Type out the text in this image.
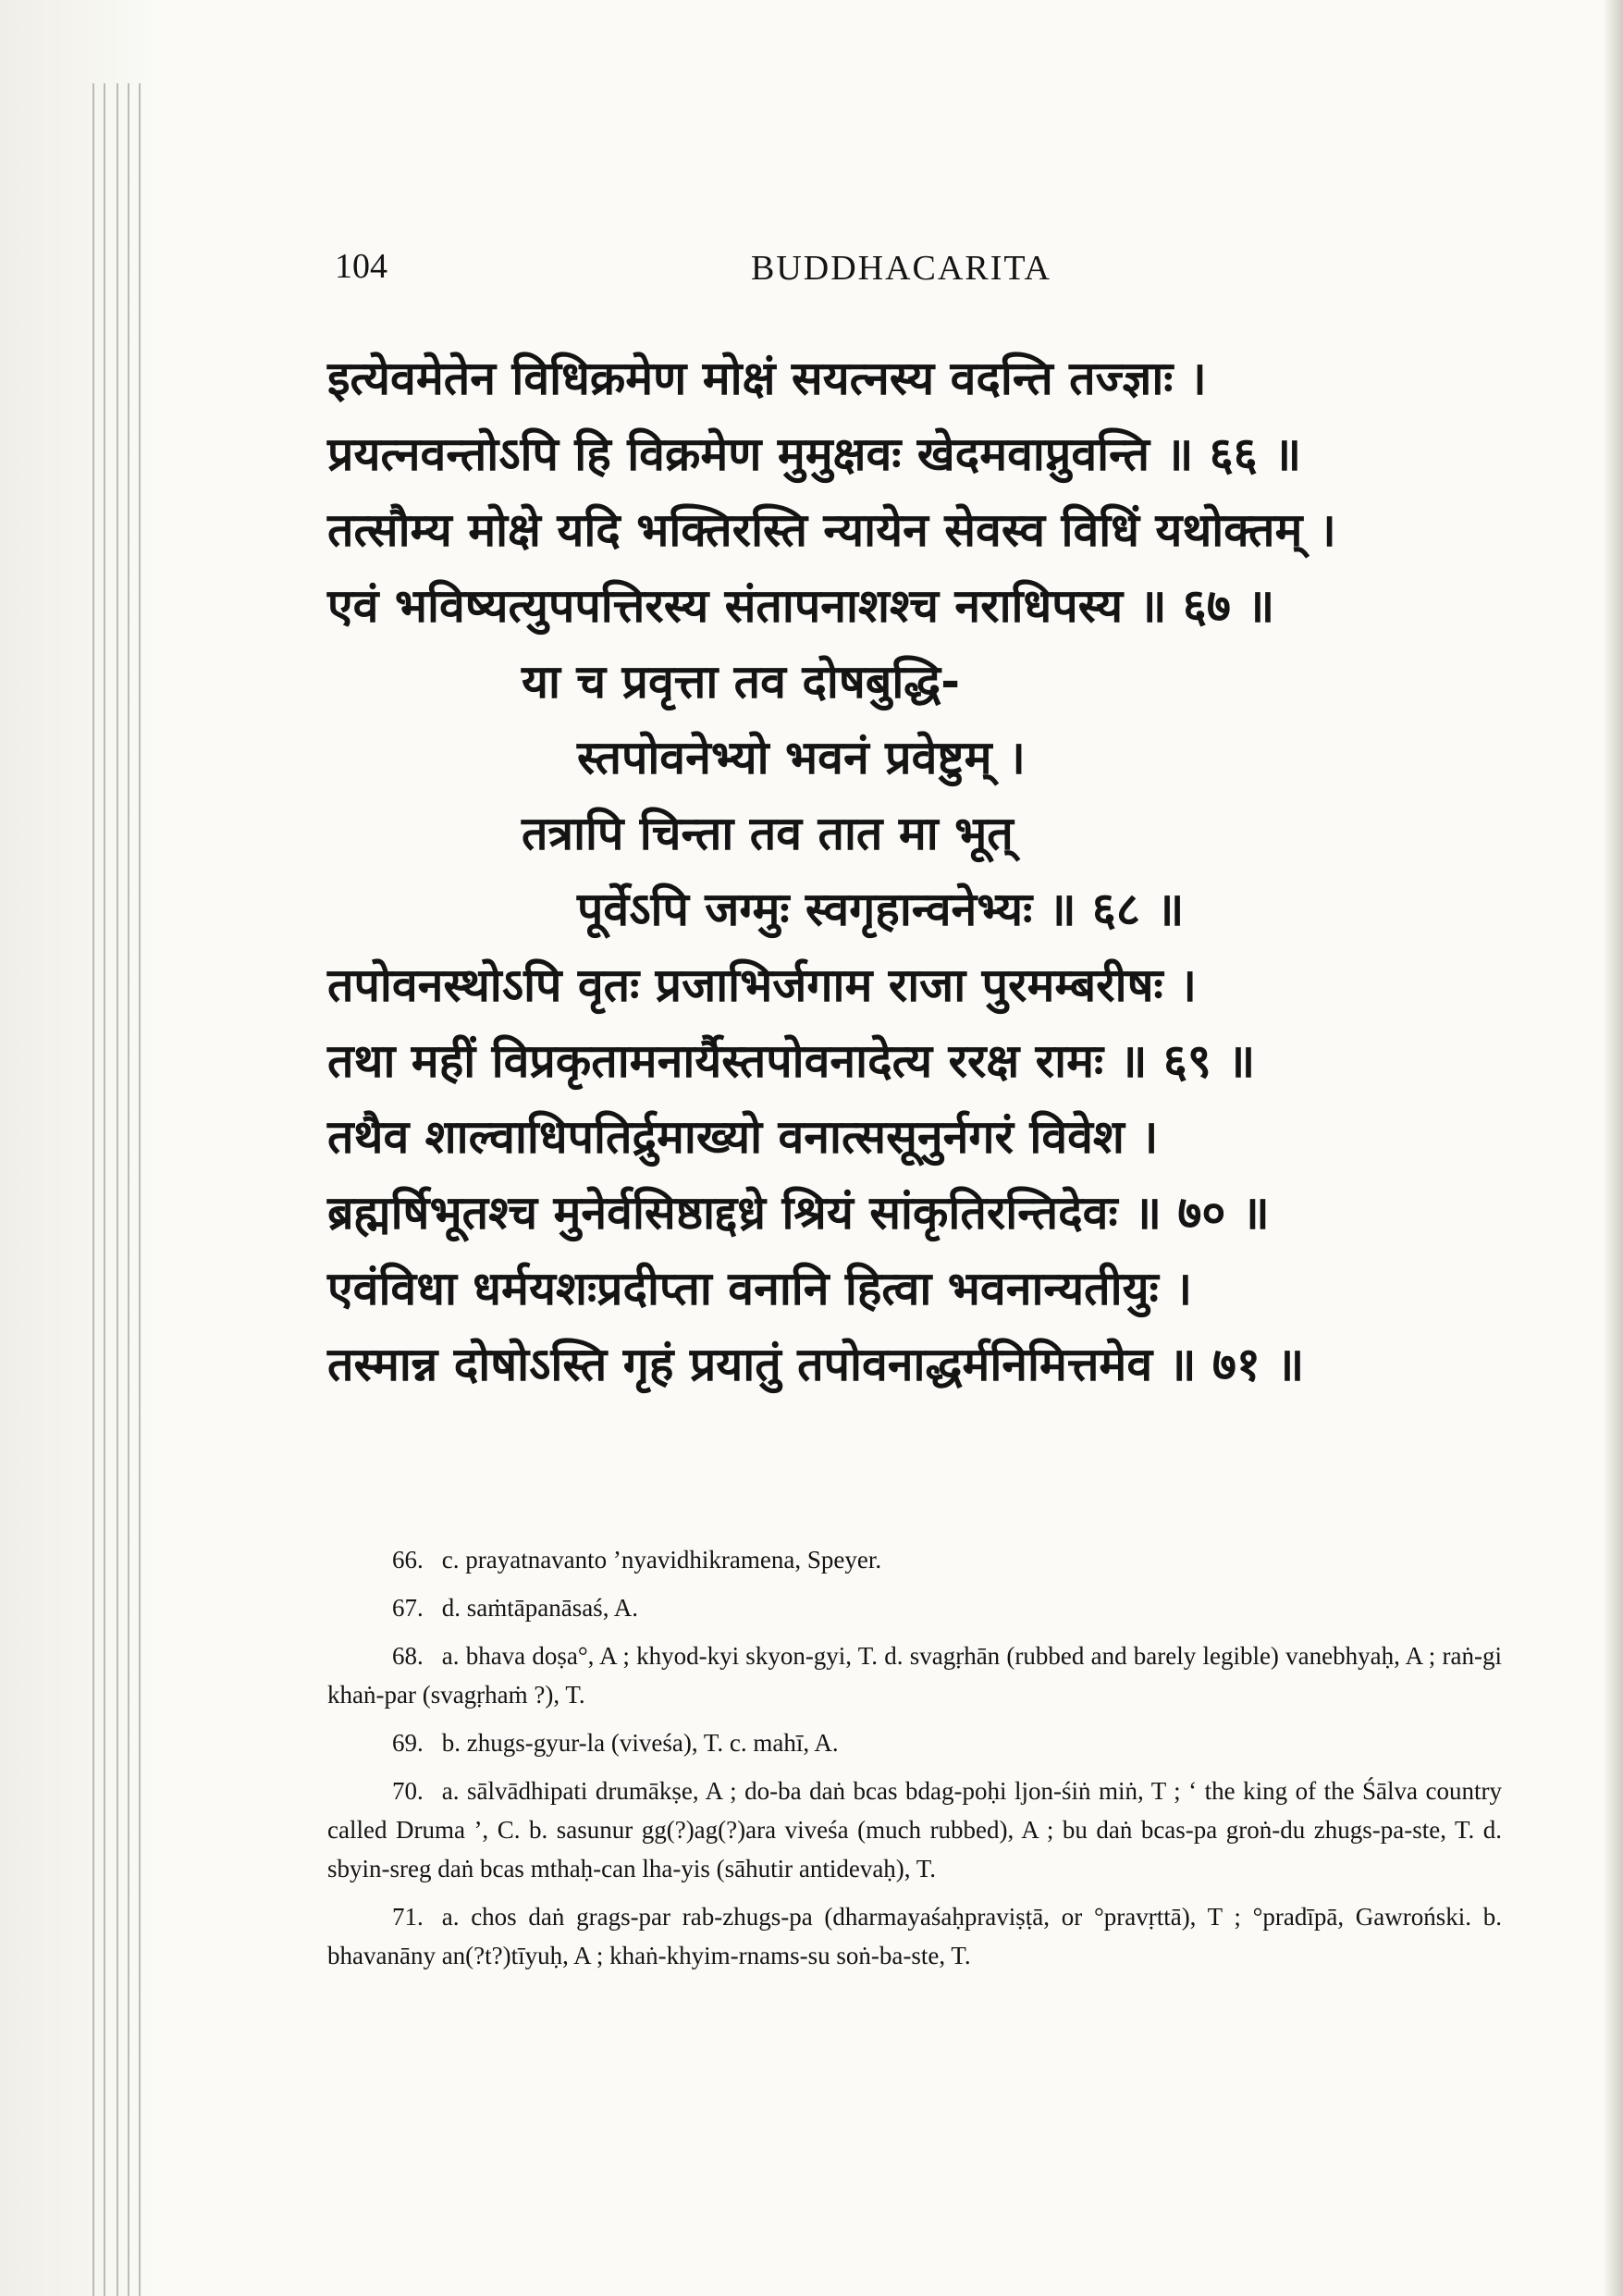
104	BUDDHACARITA
इत्येवमेतेन विधिक्रमेण मोक्षं सयत्नस्य वदन्ति तज्ज्ञाः ।
प्रयत्नवन्तोऽपि हि विक्रमेण मुमुक्षवः खेदमवाप्नुवन्ति ॥ ६६ ॥
तत्सौम्य मोक्षे यदि भक्तिरस्ति न्यायेन सेवस्व विधिं यथोक्तम् ।
एवं भविष्यत्युपपत्तिरस्य संतापनाशश्च नराधिपस्य ॥ ६७ ॥
या च प्रवृत्ता तव दोषबुद्धि-
स्तपोवनेभ्यो भवनं प्रवेष्टुम् ।
तत्रापि चिन्ता तव तात मा भूत्
पूर्वेऽपि जग्मुः स्वगृहान्वनेभ्यः ॥ ६८ ॥
तपोवनस्थोऽपि वृतः प्रजाभिर्जगाम राजा पुरमम्बरीषः ।
तथा महीं विप्रकृतामनार्यैस्तपोवनादेत्य ररक्ष रामः ॥ ६९ ॥
तथैव शाल्वाधिपतिर्द्रुमाख्यो वनात्ससूनुर्नगरं विवेश ।
ब्रह्मर्षिभूतश्च मुनेर्वसिष्ठाद्दध्रे श्रियं सांकृतिरन्तिदेवः ॥ ७० ॥
एवंविधा धर्मयशःप्रदीप्ता वनानि हित्वा भवनान्यतीयुः ।
तस्मान्न दोषोऽस्ति गृहं प्रयातुं तपोवनाद्धर्मनिमित्तमेव ॥ ७१ ॥
66. c. prayatnavanto ’nyavidhikramena, Speyer.
67. d. saṁtāpanāsaś, A.
68. a. bhava doṣa°, A ; khyod-kyi skyon-gyi, T. d. svagṛhān (rubbed and barely legible) vanebhyaḥ, A ; raṅ-gi khaṅ-par (svagṛhaṁ ?), T.
69. b. zhugs-gyur-la (viveśa), T. c. mahī, A.
70. a. sālvādhipati drumākṣe, A ; do-ba daṅ bcas bdag-poḥi ljon-śiṅ miṅ, T ; ‘ the king of the Śālva country called Druma ’, C. b. sasunur gg(?)ag(?)ara viveśa (much rubbed), A ; bu daṅ bcas-pa groṅ-du zhugs-pa-ste, T. d. sbyin-sreg daṅ bcas mthaḥ-can lha-yis (sāhutir antidevaḥ), T.
71. a. chos daṅ grags-par rab-zhugs-pa (dharmayaśaḥpraviṣṭā, or °pravṛttā), T ; °pradīpā, Gawroński. b. bhavanāny an(?t?)tīyuḥ, A ; khaṅ-khyim-rnams-su soṅ-ba-ste, T.
